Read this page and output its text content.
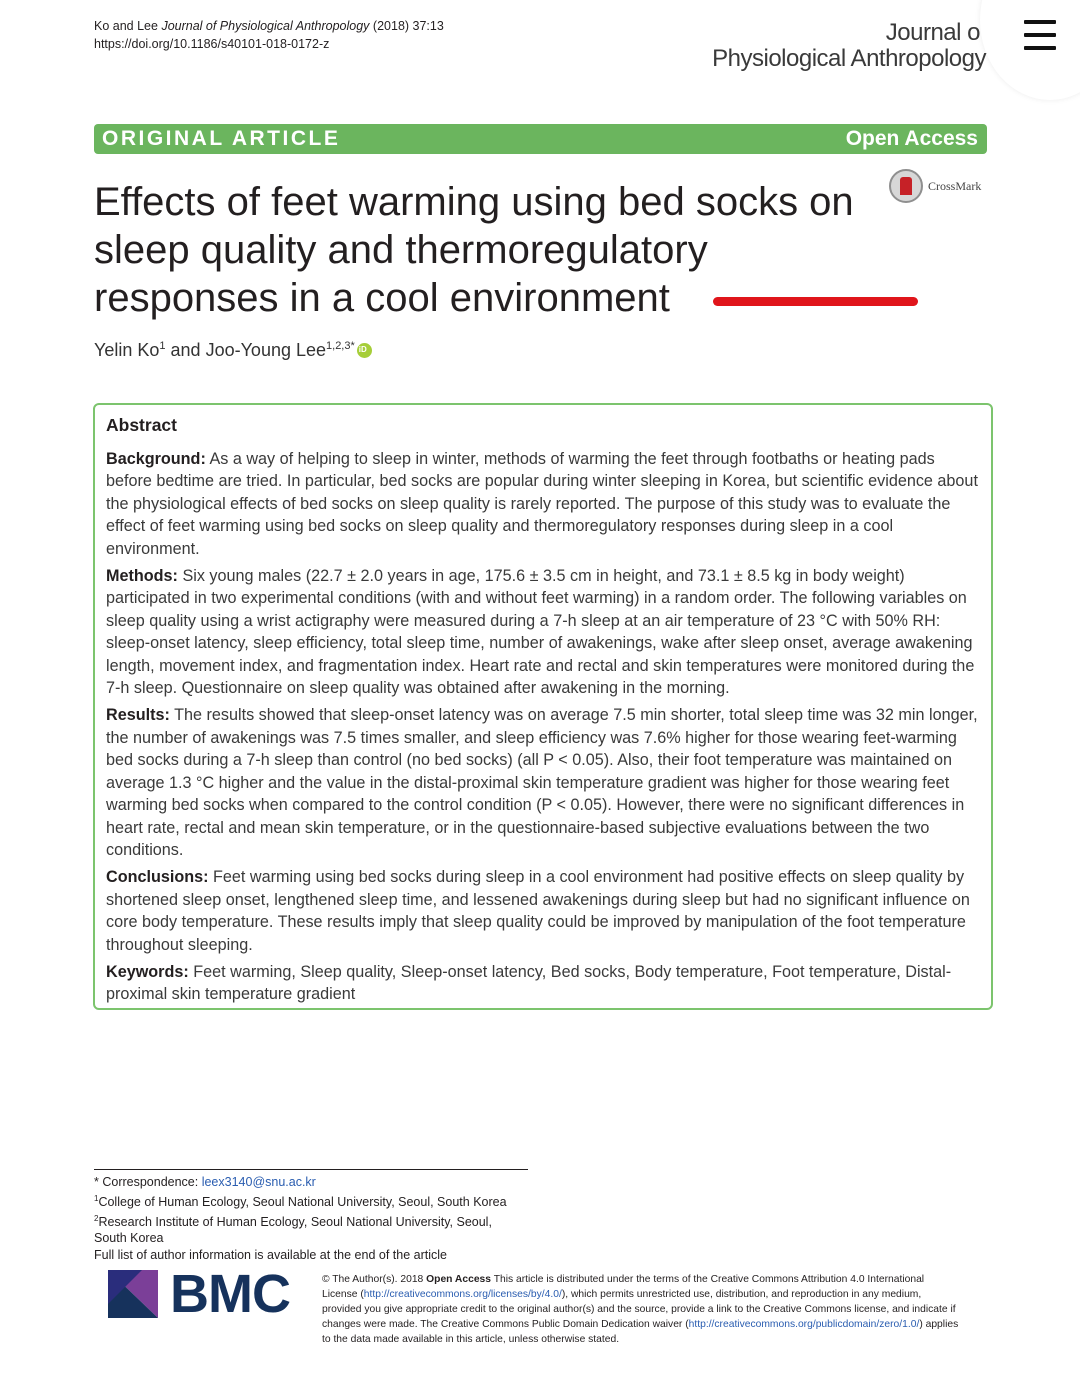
Ko and Lee Journal of Physiological Anthropology (2018) 37:13
https://doi.org/10.1186/s40101-018-0172-z	Journal o
Physiological Anthropology
ORIGINAL ARTICLE	Open Access
CrossMark
Effects of feet warming using bed socks on sleep quality and thermoregulatory responses in a cool environment
Yelin Ko$^1$ and Joo-Young Lee$^{1,2,3*}$iD
Abstract

Background: As a way of helping to sleep in winter, methods of warming the feet through footbaths or heating pads before bedtime are tried. In particular, bed socks are popular during winter sleeping in Korea, but scientific evidence about the physiological effects of bed socks on sleep quality is rarely reported. The purpose of this study was to evaluate the effect of feet warming using bed socks on sleep quality and thermoregulatory responses during sleep in a cool environment.

Methods: Six young males (22.7 ± 2.0 years in age, 175.6 ± 3.5 cm in height, and 73.1 ± 8.5 kg in body weight) participated in two experimental conditions (with and without feet warming) in a random order. The following variables on sleep quality using a wrist actigraphy were measured during a 7-h sleep at an air temperature of 23 °C with 50% RH: sleep-onset latency, sleep efficiency, total sleep time, number of awakenings, wake after sleep onset, average awakening length, movement index, and fragmentation index. Heart rate and rectal and skin temperatures were monitored during the 7-h sleep. Questionnaire on sleep quality was obtained after awakening in the morning.

Results: The results showed that sleep-onset latency was on average 7.5 min shorter, total sleep time was 32 min longer, the number of awakenings was 7.5 times smaller, and sleep efficiency was 7.6% higher for those wearing feet-warming bed socks during a 7-h sleep than control (no bed socks) (all P < 0.05). Also, their foot temperature was maintained on average 1.3 °C higher and the value in the distal-proximal skin temperature gradient was higher for those wearing feet warming bed socks when compared to the control condition (P < 0.05). However, there were no significant differences in heart rate, rectal and mean skin temperature, or in the questionnaire-based subjective evaluations between the two conditions.

Conclusions: Feet warming using bed socks during sleep in a cool environment had positive effects on sleep quality by shortened sleep onset, lengthened sleep time, and lessened awakenings during sleep but had no significant influence on core body temperature. These results imply that sleep quality could be improved by manipulation of the foot temperature throughout sleeping.

Keywords: Feet warming, Sleep quality, Sleep-onset latency, Bed socks, Body temperature, Foot temperature, Distal-proximal skin temperature gradient

* Correspondence: leex3140@snu.ac.kr
$^1$College of Human Ecology, Seoul National University, Seoul, South Korea
$^2$Research Institute of Human Ecology, Seoul National University, Seoul, South Korea
Full list of author information is available at the end of the article
BMC	© The Author(s). 2018 Open Access This article is distributed under the terms of the Creative Commons Attribution 4.0 International License (http://creativecommons.org/licenses/by/4.0/), which permits unrestricted use, distribution, and reproduction in any medium, provided you give appropriate credit to the original author(s) and the source, provide a link to the Creative Commons license, and indicate if changes were made. The Creative Commons Public Domain Dedication waiver (http://creativecommons.org/publicdomain/zero/1.0/) applies to the data made available in this article, unless otherwise stated.
